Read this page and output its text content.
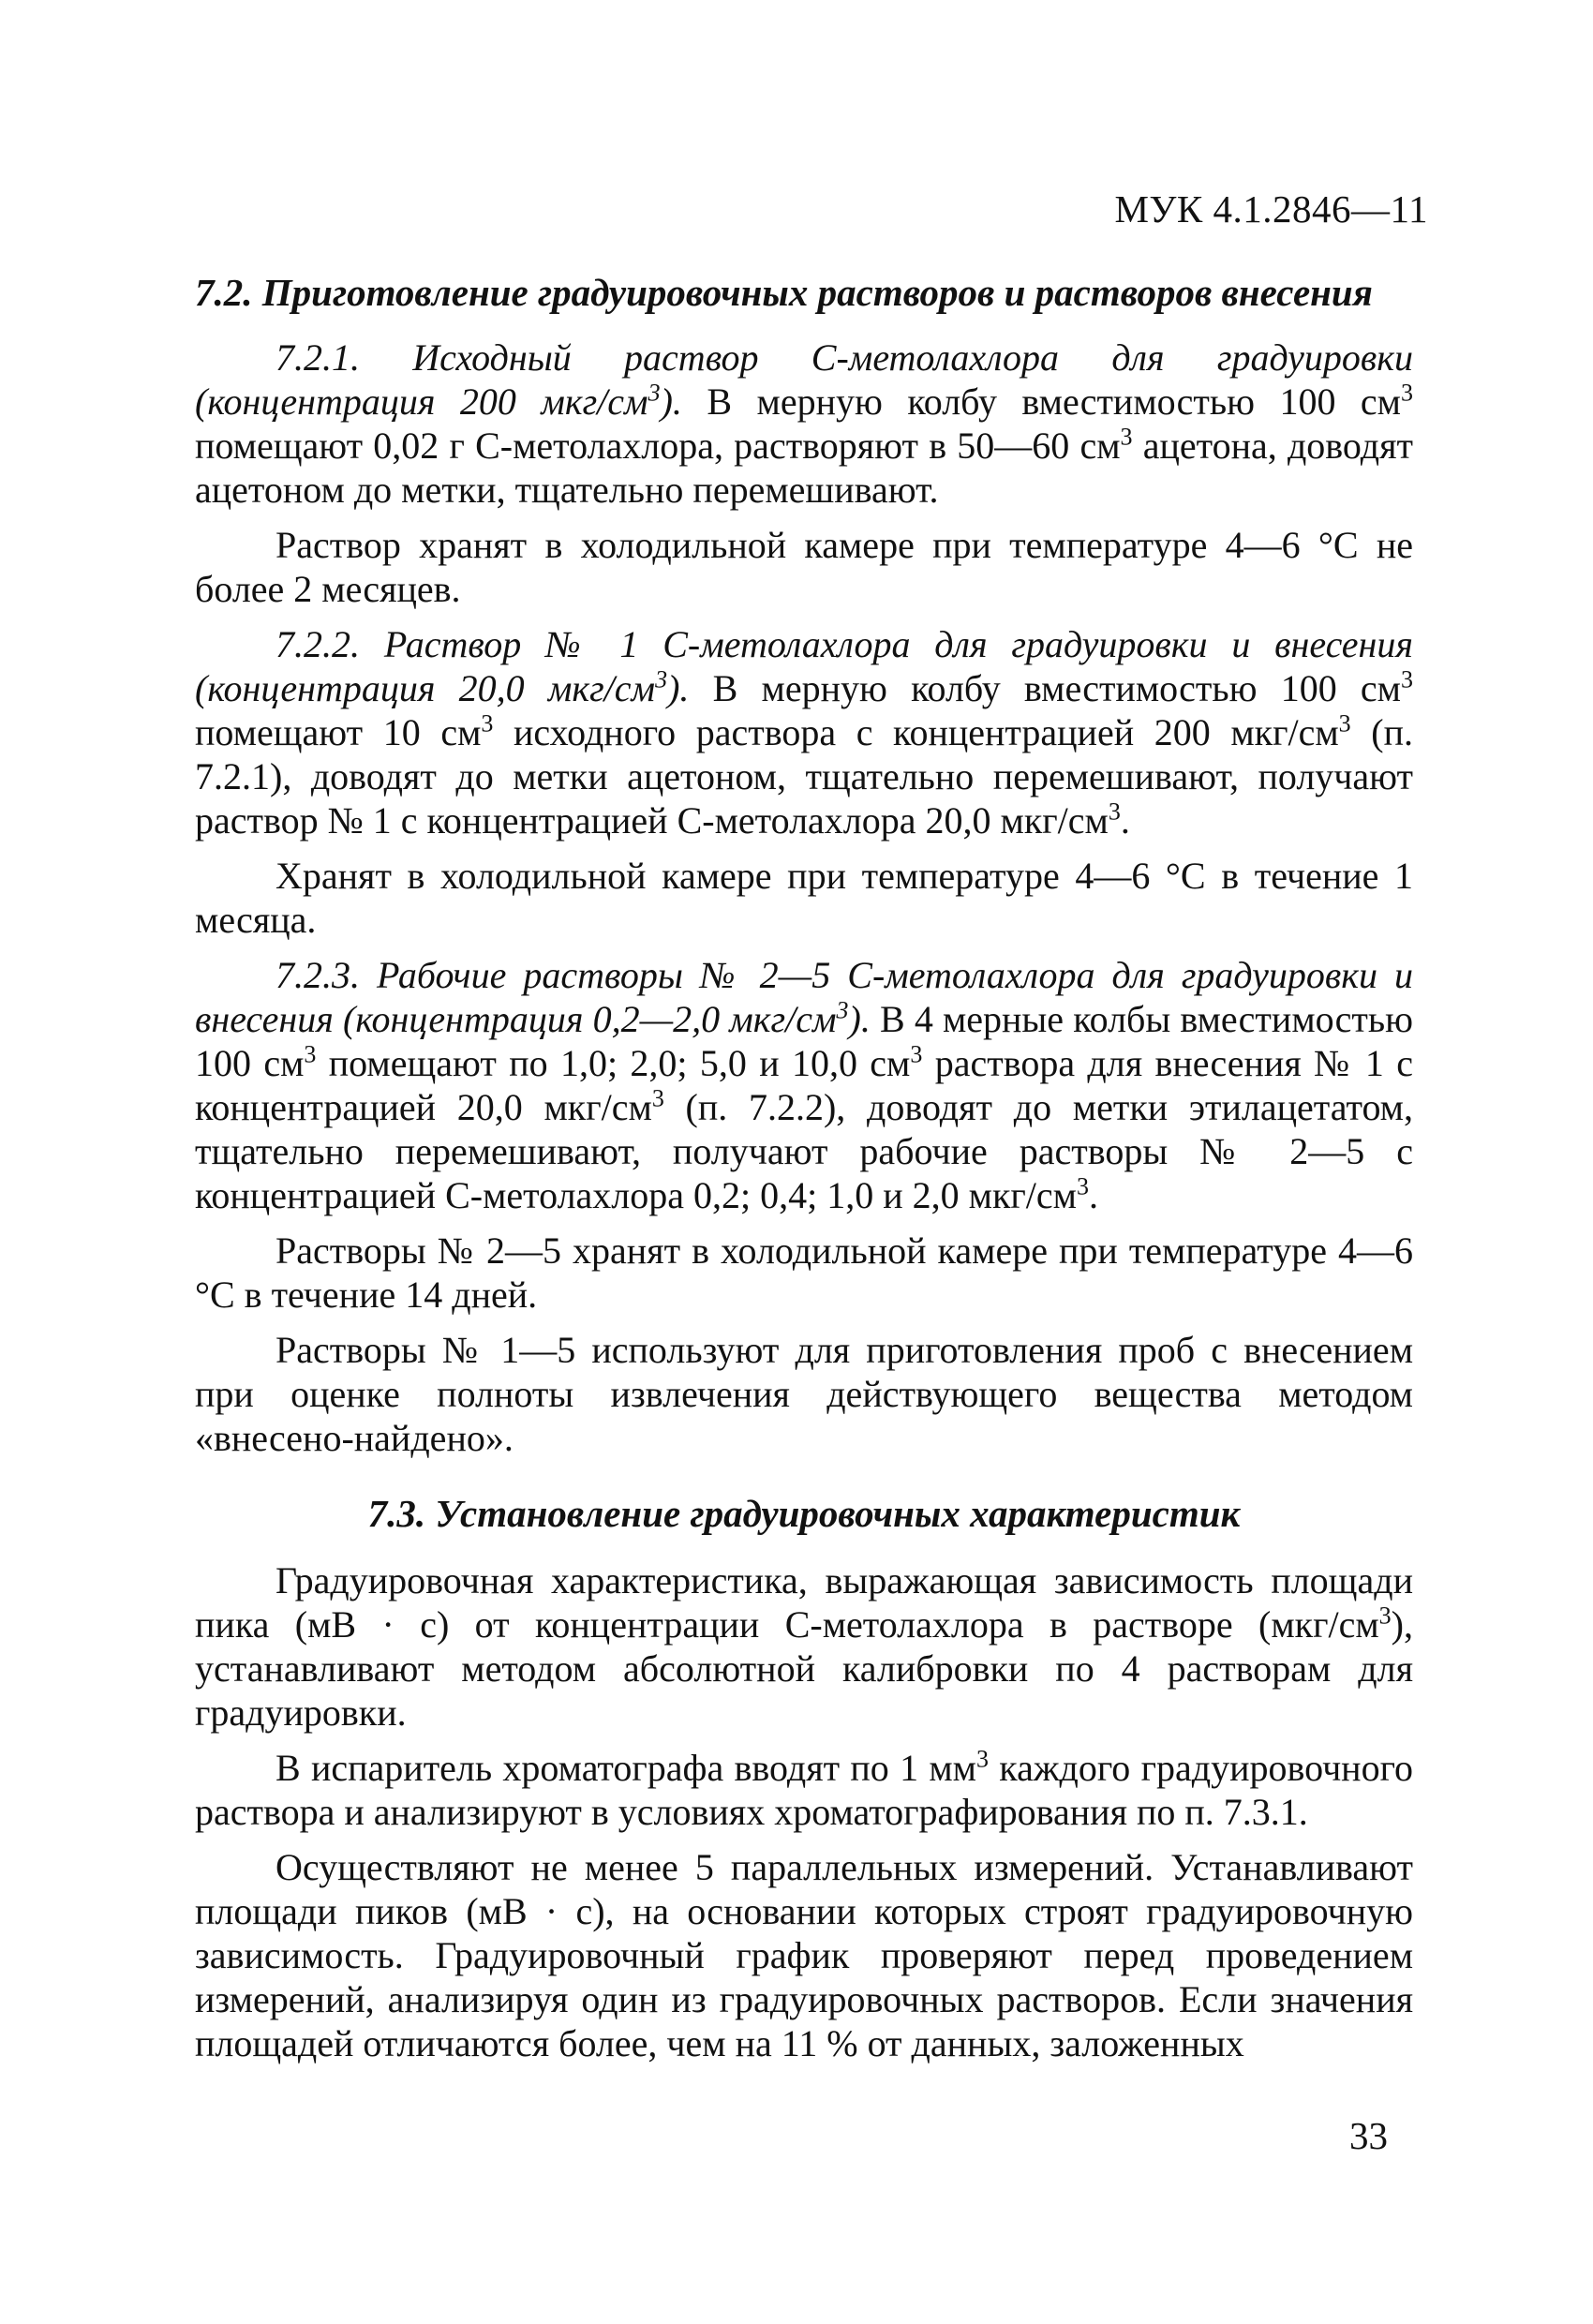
МУК 4.1.2846—11
7.2. Приготовление градуировочных растворов и растворов внесения

7.2.1. Исходный раствор С-метолахлора для градуировки (концентрация 200 мкг/$см^3$). В мерную колбу вместимостью 100 $см^3$ помещают 0,02 г С-метолахлора, растворяют в 50—60 $см^3$ ацетона, доводят ацетоном до метки, тщательно перемешивают.

Раствор хранят в холодильной камере при температуре 4—6 °С не более 2 месяцев.

7.2.2. Раствор № 1 С-метолахлора для градуировки и внесения (концентрация 20,0 мкг/$см^3$). В мерную колбу вместимостью 100 $см^3$ помещают 10 $см^3$ исходного раствора с концентрацией 200 мкг/$см^3$ (п. 7.2.1), доводят до метки ацетоном, тщательно перемешивают, получают раствор № 1 с концентрацией С-метолахлора 20,0 мкг/$см^3$.

Хранят в холодильной камере при температуре 4—6 °С в течение 1 месяца.

7.2.3. Рабочие растворы № 2—5 С-метолахлора для градуировки и внесения (концентрация 0,2—2,0 мкг/$см^3$). В 4 мерные колбы вместимостью 100 $см^3$ помещают по 1,0; 2,0; 5,0 и 10,0 $см^3$ раствора для внесения № 1 с концентрацией 20,0 мкг/$см^3$ (п. 7.2.2), доводят до метки этилацетатом, тщательно перемешивают, получают рабочие растворы № 2—5 с концентрацией С-метолахлора 0,2; 0,4; 1,0 и 2,0 мкг/$см^3$.

Растворы № 2—5 хранят в холодильной камере при температуре 4—6 °С в течение 14 дней.

Растворы № 1—5 используют для приготовления проб с внесением при оценке полноты извлечения действующего вещества методом «внесено-найдено».

7.3. Установление градуировочных характеристик

Градуировочная характеристика, выражающая зависимость площади пика (мВ · с) от концентрации С-метолахлора в растворе $(мкг/см^3)$, устанавливают методом абсолютной калибровки по 4 растворам для градуировки.

В испаритель хроматографа вводят по 1 $мм^3$ каждого градуировочного раствора и анализируют в условиях хроматографирования по п. 7.3.1.

Осуществляют не менее 5 параллельных измерений. Устанавливают площади пиков (мВ · с), на основании которых строят градуировочную зависимость. Градуировочный график проверяют перед проведением измерений, анализируя один из градуировочных растворов. Если значения площадей отличаются более, чем на 11 % от данных, заложенных

33
